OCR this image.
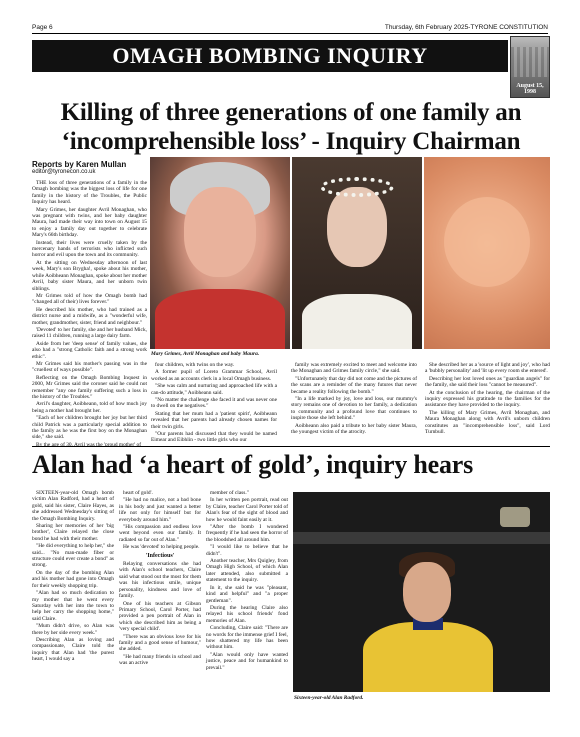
Page 6	Thursday, 6th February 2025-TYRONE CONSTITUTION
OMAGH BOMBING INQUIRY
August 15, 1998
Killing of three generations of one family an ‘incomprehensible loss’ - Inquiry Chairman
Reports by Karen Mullan
editor@tyronecon.co.uk

THE loss of three generations of a family in the Omagh bombing was the biggest loss of life for one family in the history of the Troubles, the Public Inquiry has heard.

Mary Grimes, her daughter Avril Monaghan, who was pregnant with twins, and her baby daughter Maura, had made their way into town on August 15 to enjoy a family day out together to celebrate Mary's 66th birthday.

Instead, their lives were cruelly taken by the mercenary hands of terrorists who inflicted such horror and evil upon the town and its community.

At the sitting on Wednesday afternoon of last week, Mary's son Brygha!, spoke about his mother, while Aoibheann Monaghan, spoke about her mother Avril, baby sister Maura, and her unborn twin siblings.

Mr Grimes told of how the Omagh bomb had "changed all of their) lives forever."

He described his mother, who had trained as a district nurse and a midwife, as a "wonderful wife, mother, grandmother, sister, friend and neighbour."

'Devoted' to her family, she and her husband Mick, raised 11 children, running a large dairy farm.

Aside from her 'deep sense' of family values, she also had a "strong Catholic faith and a strong work ethic".

Mr Grimes said his mother's passing was in the "cruellest of ways possible".

Reflecting on the Omagh Bombing Inquest in 2000, Mr Grimes said the coroner said he could not remember "any one family suffering such a loss in the history of the Troubles."

Avril's daughter, Aoibheann, told of how much joy being a mother had brought her.

"Each of her children brought her joy but her third child Patrick was a particularly special addition to the family as he was the first boy on the Monaghan side," she said.

By the age of 30, Avril was the 'proud mother' of

Mary Grimes, Avril Monaghan and baby Maura.

four children, with twins on the way.

A former pupil of Loreto Grammar School, Avril worked as an accounts clerk in a local Omagh business.

"She was calm and nurturing and approached life with a can-do attitude," Aoibheann said.

"No matter the challenge she faced it and was never one to dwell on the negatives."

Stating that her mum had a 'patient spirit', Aoibheann revealed that her parents had already chosen names for their twin girls.

"Our parents had discussed that they would be named Eimear and Eibhlin - two little girls who our

family was extremely excited to meet and welcome into the Monaghan and Grimes family circle," she said.

"Unfortunately that day did not come and the pictures of the scans are a reminder of the many futures that never became a reality following the bomb."

"In a life marked by joy, love and loss, our mummy's story remains one of devotion to her family, a dedication to community and a profound love that continues to inspire those she left behind."

Aoibheann also paid a tribute to her baby sister Maura, the youngest victim of the atrocity.

She described her as a 'source of light and joy', who had a 'bubbly personality' and 'lit up every room she entered'.

Describing her lost loved ones as "guardian angels" for the family, she said their loss "cannot be measured".

At the conclusion of the hearing, the chairman of the inquiry expressed his gratitude to the families for the assistance they have provided to the inquiry.

The killing of Mary Grimes, Avril Monaghan, and Maura Monaghan along with Avril's unborn children constitutes an "incomprehensible loss", said Lord Turnbull.

Alan had ‘a heart of gold’, inquiry hears

SIXTEEN-year-old Omagh bomb victim Alan Radford, had a heart of gold, said his sister, Claire Hayes, as she addressed Wednesday's sitting of the Omagh Bombing Inquiry.

Sharing her memories of her 'big brother', Claire relayed the close bond he had with their mother.

"He did everything to help her," she said... "No man-made fiber or structure could ever create a bond" as strong.

On the day of the bombing Alan and his mother had gone into Omagh for their weekly shopping trip.

"Alan had so much dedication to my mother that he went every Saturday with her into the town to help her carry the shopping home," said Claire.

"Mum didn't drive, so Alan was there by her side every week."

Describing Alan as loving and compassionate, Claire told the inquiry that Alan had 'the purest heart, I would say a

heart of gold'.

"He had no malice, not a bad bone in his body and just wanted a better life not only for himself but for everybody around him."

"His compassion and endless love went beyond even our family. It radiated so far out of Alan."

He was 'devoted' to helping people.

'Infectious'

Relaying conversations she had with Alan's school teachers, Claire said what stood out the most for them was his infectious smile, unique personality, kindness and love of family.

One of his teachers at Gibson Primary School, Carol Porter, had provided a pen portrait of Alan in which she described him as being a 'very special child'.

"There was an obvious love for his family and a good sense of humour," she added.

"He had many friends in school and was an active

member of class."

In her written pen portrait, read out by Claire, teacher Carol Porter told of Alan's fear of the sight of blood and how he would faint easily at it.

"After the bomb I wondered frequently if he had seen the horror of the bloodshed all around him.

"I would like to believe that he didn't".

Another teacher, Mrs Quigley, from Omagh High School, of which Alan later attended, also submitted a statement to the inquiry.

In it, she said he was "pleasant, kind and helpful" and "a proper gentleman".

During the hearing Claire also relayed his school friends' fond memories of Alan.

Concluding, Claire said: "There are no words for the immense grief I feel, how shattered my life has been without him.

"Alan would only have wanted justice, peace and for humankind to prevail."

Sixteen-year-old Alan Radford.
